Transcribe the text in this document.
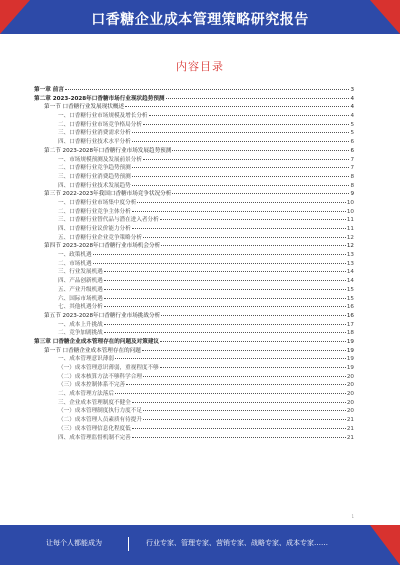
口香糖企业成本管理策略研究报告
内容目录
第一章 前言	3
第二章 2023-2028年口香糖市场行业现状趋势预测	4
第一节 口香糖行业发展现状概述	4
一、口香糖行业市场规模及增长分析	4
二、口香糖行业市场竞争格局分析	5
三、口香糖行业消费需求分析	5
四、口香糖行业技术水平分析	6
第二节 2023-2028年口香糖行业市场发展趋势预测	6
一、市场规模预测及发展前景分析	7
二、口香糖行业竞争趋势预测	7
三、口香糖行业消费趋势预测	8
四、口香糖行业技术发展趋势	8
第三节 2022-2023年我国口香糖市场竞争状况分析	9
一、口香糖行业市场集中度分析	10
二、口香糖行业竞争主体分析	10
三、口香糖行业替代品与潜在进入者分析	11
四、口香糖行业议价能力分析	11
五、口香糖行业企业竞争策略分析	12
第四节 2023-2028年口香糖行业市场机会分析	12
一、政策机遇	13
二、市场机遇	13
三、行业发展机遇	14
四、产品创新机遇	14
五、产业升级机遇	15
六、国际市场机遇	15
七、其他机遇分析	16
第五节 2023-2028年口香糖行业市场挑战分析	16
一、成本上升挑战	17
二、竞争加剧挑战	18
第三章 口香糖企业成本管理存在的问题及对策建议	19
第一节 口香糖企业成本管理存在的问题	19
一、成本管理意识薄弱	19
（一）成本管理意识薄弱，重视程度不够	19
（二）成本核算方法不够科学合理	20
（三）成本控制体系不完善	20
二、成本管理方法落后	20
三、企业成本管理制度不健全	20
（一）成本管理制度执行力度不足	20
（二）成本管理人员素质有待提升	21
（三）成本管理信息化程度低	21
四、成本管理监督机制不完善	21
1
让每个人都能成为	行业专家、管理专家、营销专家、战略专家、成本专家……
